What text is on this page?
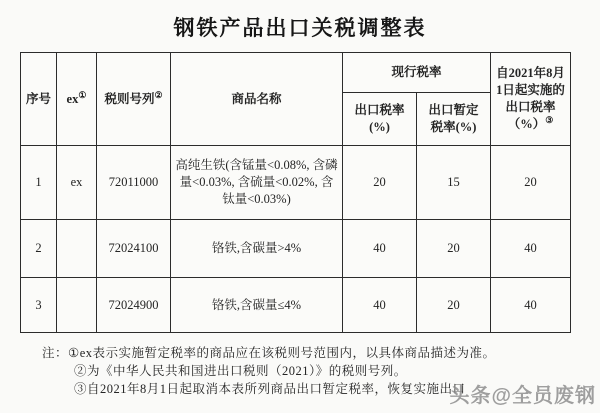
钢铁产品出口关税调整表
序号	ex①	税则号列②	商品名称	现行税率		自2021年8月1日起实施的出口税率（%）③
				出口税率 (%)	出口暂定 税率(%)	
1	ex	72011000	高纯生铁(含锰量<0.08%, 含磷量<0.03%, 含硫量<0.02%, 含钛量<0.03%)	20	15	20
2		72024100	铬铁,含碳量>4%	40	20	40
3		72024900	铬铁,含碳量≤4%	40	20	40
注： ①ex表示实施暂定税率的商品应在该税则号范围内，以具体商品描述为准。
②为《中华人民共和国进出口税则（2021）》的税则号列。
③自2021年8月1日起取消本表所列商品出口暂定税率，恢复实施出口
头条@全员废钢
